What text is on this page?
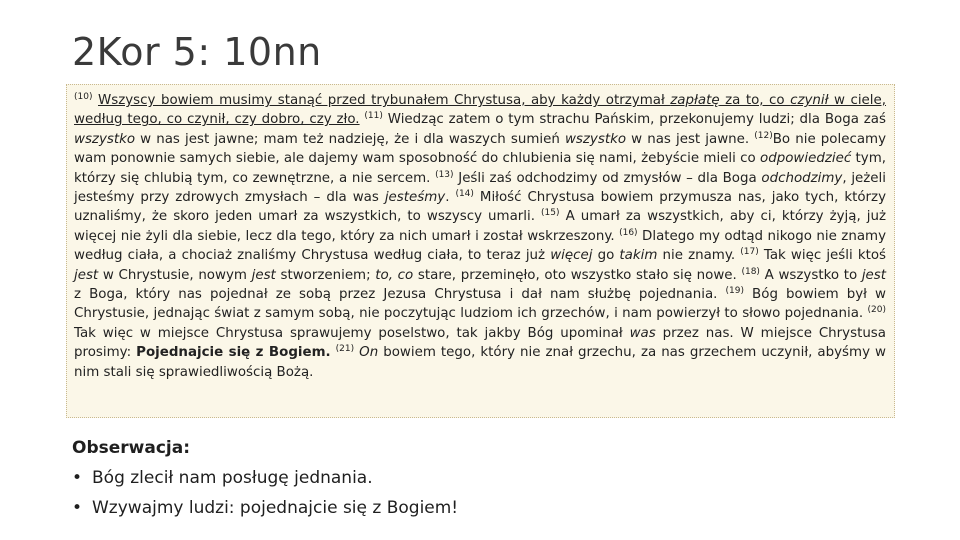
2Kor 5: 10nn
$^{(10)}$ Wszyscy bowiem musimy stanąć przed trybunałem Chrystusa, aby każdy otrzymał zapłatę za to, co czynił w ciele, według tego, co czynił, czy dobro, czy zło. $^{(11)}$ Wiedząc zatem o tym strachu Pańskim, przekonujemy ludzi; dla Boga zaś wszystko w nas jest jawne; mam też nadzieję, że i dla waszych sumień wszystko w nas jest jawne. $^{(12)}$Bo nie polecamy wam ponownie samych siebie, ale dajemy wam sposobność do chlubienia się nami, żebyście mieli co odpowiedzieć tym, którzy się chlubią tym, co zewnętrzne, a nie sercem. $^{(13)}$ Jeśli zaś odchodzimy od zmysłów – dla Boga odchodzimy, jeżeli jesteśmy przy zdrowych zmysłach – dla was jesteśmy. $^{(14)}$ Miłość Chrystusa bowiem przymusza nas, jako tych, którzy uznaliśmy, że skoro jeden umarł za wszystkich, to wszyscy umarli. $^{(15)}$ A umarł za wszystkich, aby ci, którzy żyją, już więcej nie żyli dla siebie, lecz dla tego, który za nich umarł i został wskrzeszony. $^{(16)}$ Dlatego my odtąd nikogo nie znamy według ciała, a chociaż znaliśmy Chrystusa według ciała, to teraz już więcej go takim nie znamy. $^{(17)}$ Tak więc jeśli ktoś jest w Chrystusie, nowym jest stworzeniem; to, co stare, przeminęło, oto wszystko stało się nowe. $^{(18)}$ A wszystko to jest z Boga, który nas pojednał ze sobą przez Jezusa Chrystusa i dał nam służbę pojednania. $^{(19)}$ Bóg bowiem był w Chrystusie, jednając świat z samym sobą, nie poczytując ludziom ich grzechów, i nam powierzył to słowo pojednania. $^{(20)}$ Tak więc w miejsce Chrystusa sprawujemy poselstwo, tak jakby Bóg upominał was przez nas. W miejsce Chrystusa prosimy: Pojednajcie się z Bogiem. $^{(21)}$ On bowiem tego, który nie znał grzechu, za nas grzechem uczynił, abyśmy w nim stali się sprawiedliwością Bożą.
Obserwacja:
• Bóg zlecił nam posługę jednania.
• Wzywajmy ludzi: pojednajcie się z Bogiem!
